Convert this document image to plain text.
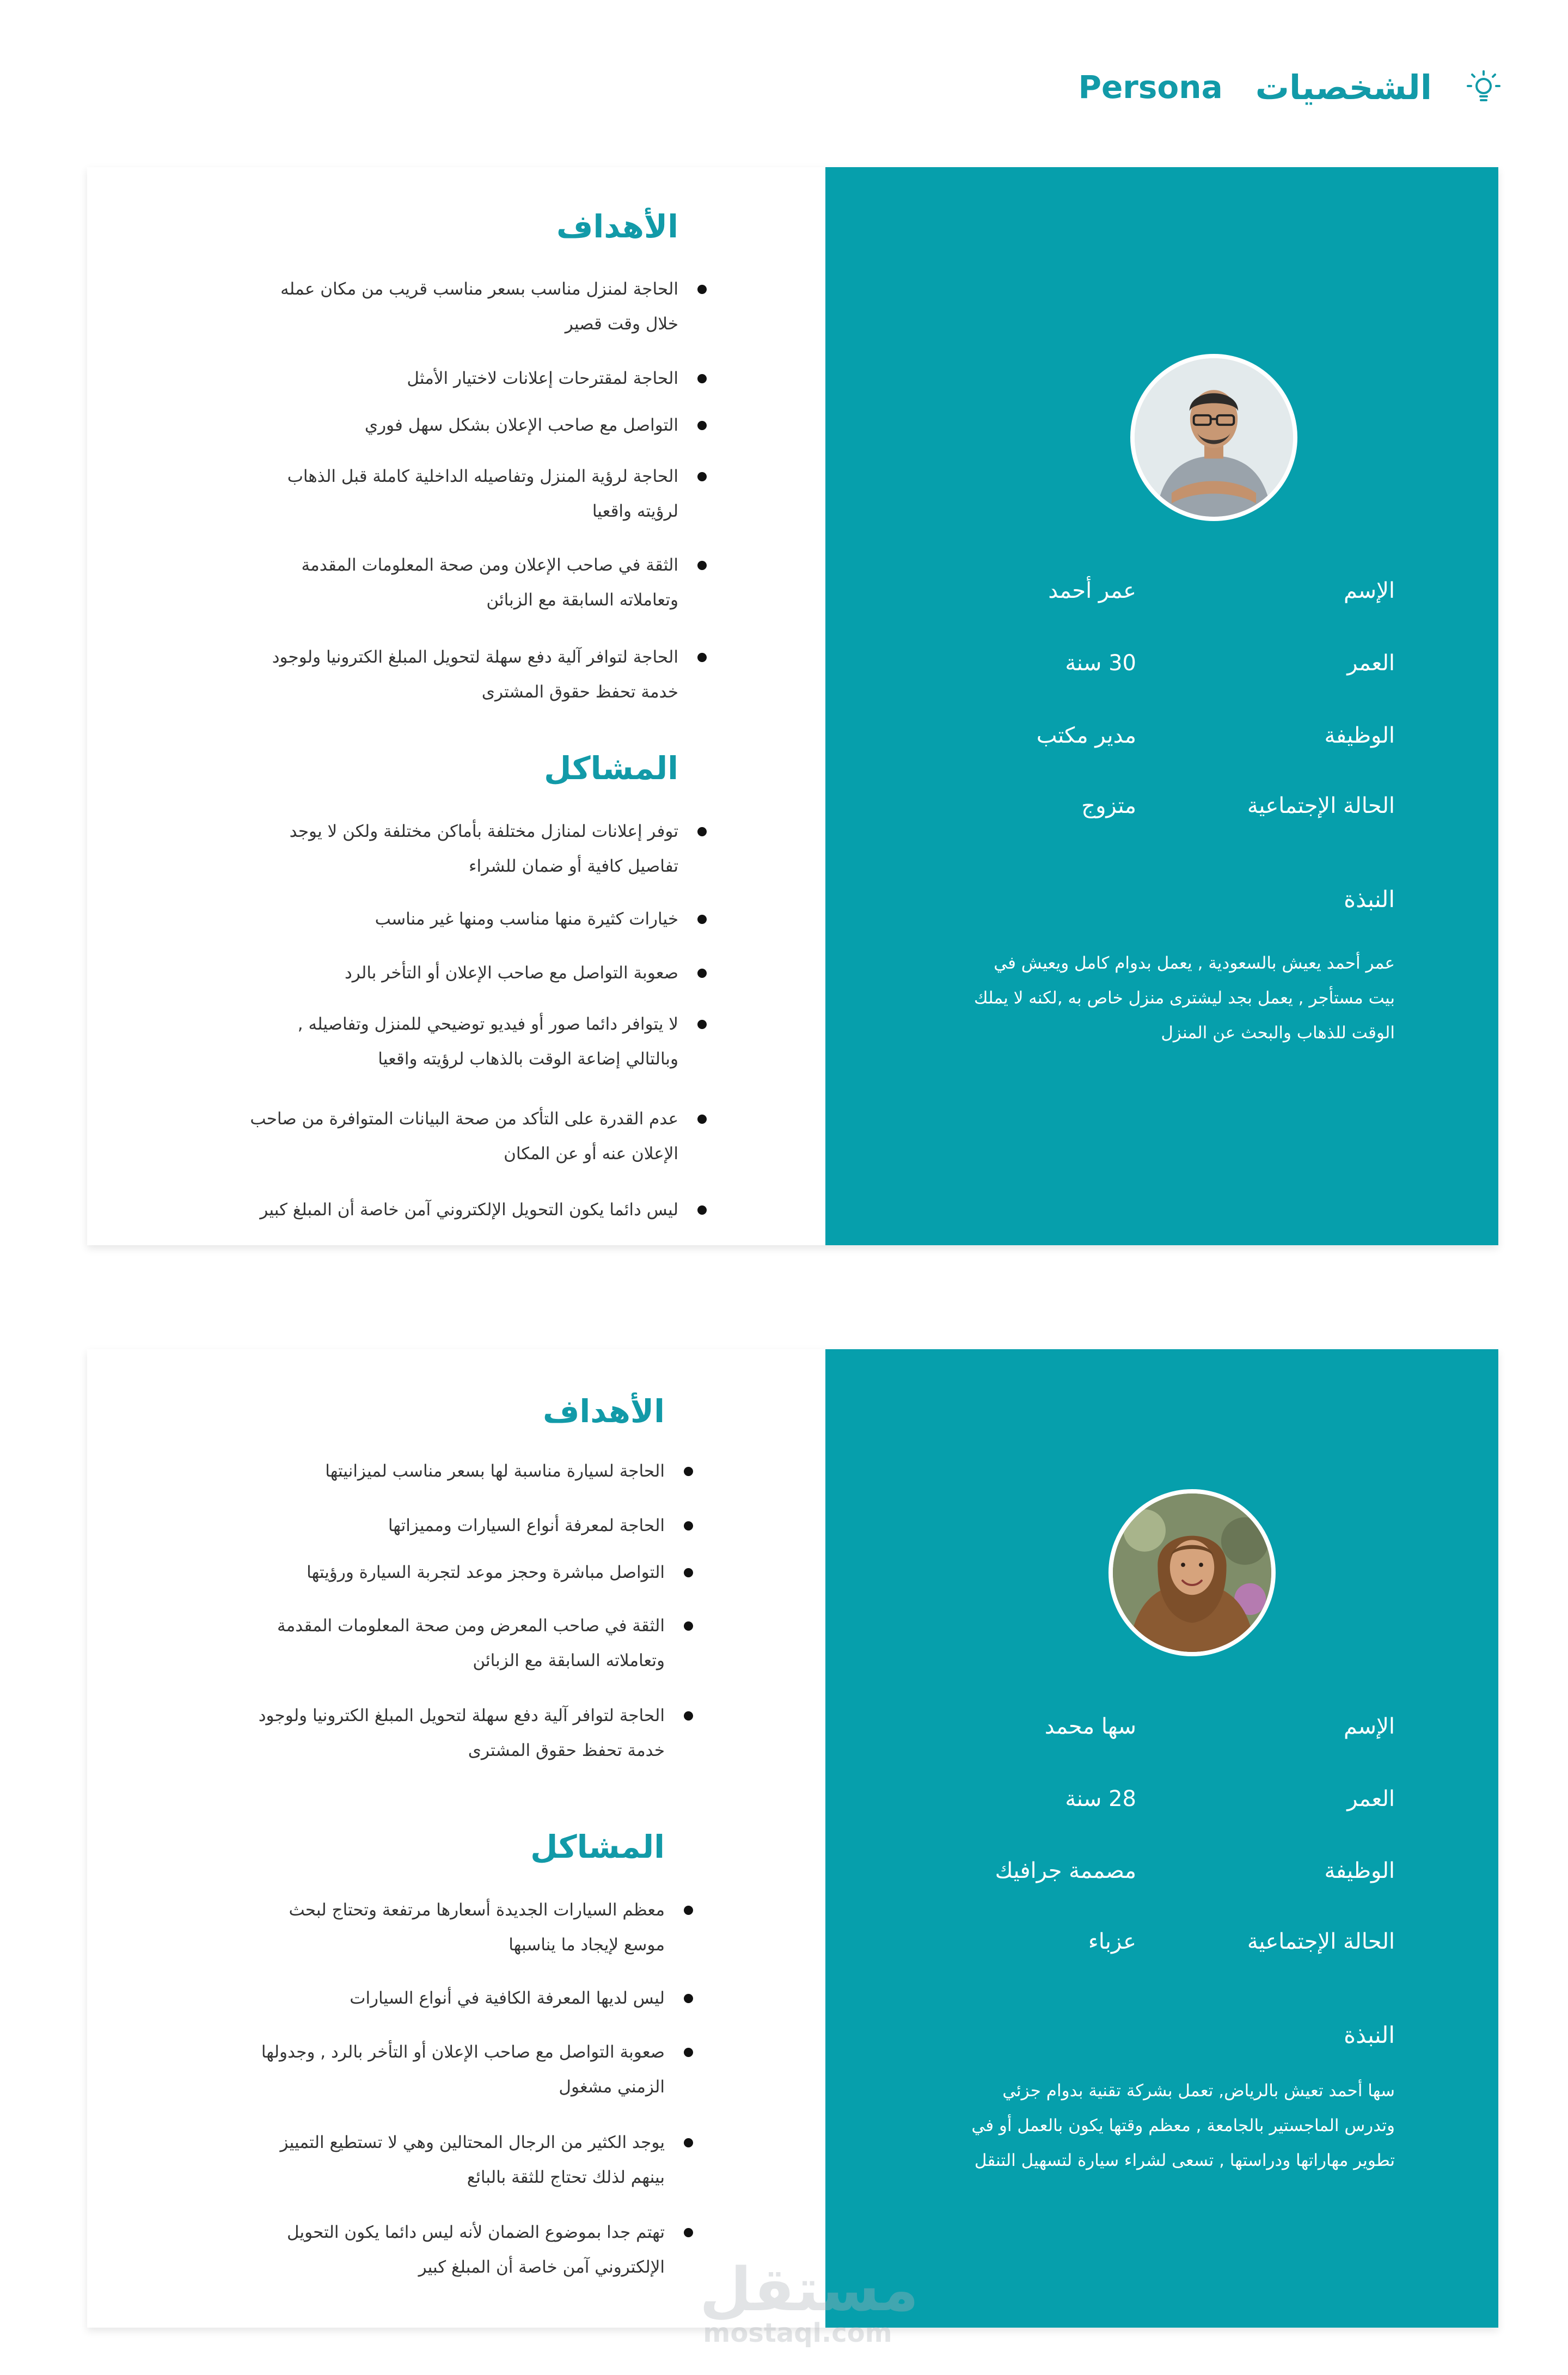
الشخصيات
Persona
الإسم
عمر أحمد
العمر
30 سنة
الوظيفة
مدير مكتب
الحالة الإجتماعية
متزوج
النبذة
عمر أحمد يعيش بالسعودية , يعمل بدوام كامل ويعيش في
بيت مستأجر , يعمل بجد ليشترى منزل خاص به ,لكنه لا يملك
الوقت للذهاب والبحث عن المنزل
الأهداف
الحاجة لمنزل مناسب بسعر مناسب قريب من مكان عمله
خلال وقت قصير
الحاجة لمقترحات إعلانات لاختيار الأمثل
التواصل مع صاحب الإعلان بشكل سهل فوري
الحاجة لرؤية المنزل وتفاصيله الداخلية كاملة قبل الذهاب
لرؤيته واقعيا
الثقة في صاحب الإعلان ومن صحة المعلومات المقدمة
وتعاملاته السابقة مع الزبائن
الحاجة لتوافر آلية دفع سهلة لتحويل المبلغ الكترونيا ولوجود
خدمة تحفظ حقوق المشترى
المشاكل
توفر إعلانات لمنازل مختلفة بأماكن مختلفة ولكن لا يوجد
تفاصيل كافية أو ضمان للشراء
خيارات كثيرة منها مناسب ومنها غير مناسب
صعوبة التواصل مع صاحب الإعلان أو التأخر بالرد
لا يتوافر دائما صور أو فيديو توضيحي للمنزل وتفاصيله ,
وبالتالي إضاعة الوقت بالذهاب لرؤيته واقعيا
عدم القدرة على التأكد من صحة البيانات المتوافرة من صاحب
الإعلان عنه أو عن المكان
ليس دائما يكون التحويل الإلكتروني آمن خاصة أن المبلغ كبير
الإسم
سها محمد
العمر
28 سنة
الوظيفة
مصممة جرافيك
الحالة الإجتماعية
عزباء
النبذة
سها أحمد تعيش بالرياض, تعمل بشركة تقنية بدوام جزئي
وتدرس الماجستير بالجامعة , معظم وقتها يكون بالعمل أو في
تطوير مهاراتها ودراستها , تسعى لشراء سيارة لتسهيل التنقل
الأهداف
الحاجة لسيارة مناسبة لها بسعر مناسب لميزانيتها
الحاجة لمعرفة أنواع السيارات ومميزاتها
التواصل مباشرة وحجز موعد لتجربة السيارة ورؤيتها
الثقة في صاحب المعرض ومن صحة المعلومات المقدمة
وتعاملاته السابقة مع الزبائن
الحاجة لتوافر آلية دفع سهلة لتحويل المبلغ الكترونيا ولوجود
خدمة تحفظ حقوق المشترى
المشاكل
معظم السيارات الجديدة أسعارها مرتفعة وتحتاج لبحث
موسع لإيجاد ما يناسبها
ليس لديها المعرفة الكافية في أنواع السيارات
صعوبة التواصل مع صاحب الإعلان أو التأخر بالرد , وجدولها
الزمني مشغول
يوجد الكثير من الرجال المحتالين وهي لا تستطيع التمييز
بينهم لذلك تحتاج للثقة بالبائع
تهتم جدا بموضوع الضمان لأنه ليس دائما يكون التحويل
الإلكتروني آمن خاصة أن المبلغ كبير مستقل
mostaql.com
